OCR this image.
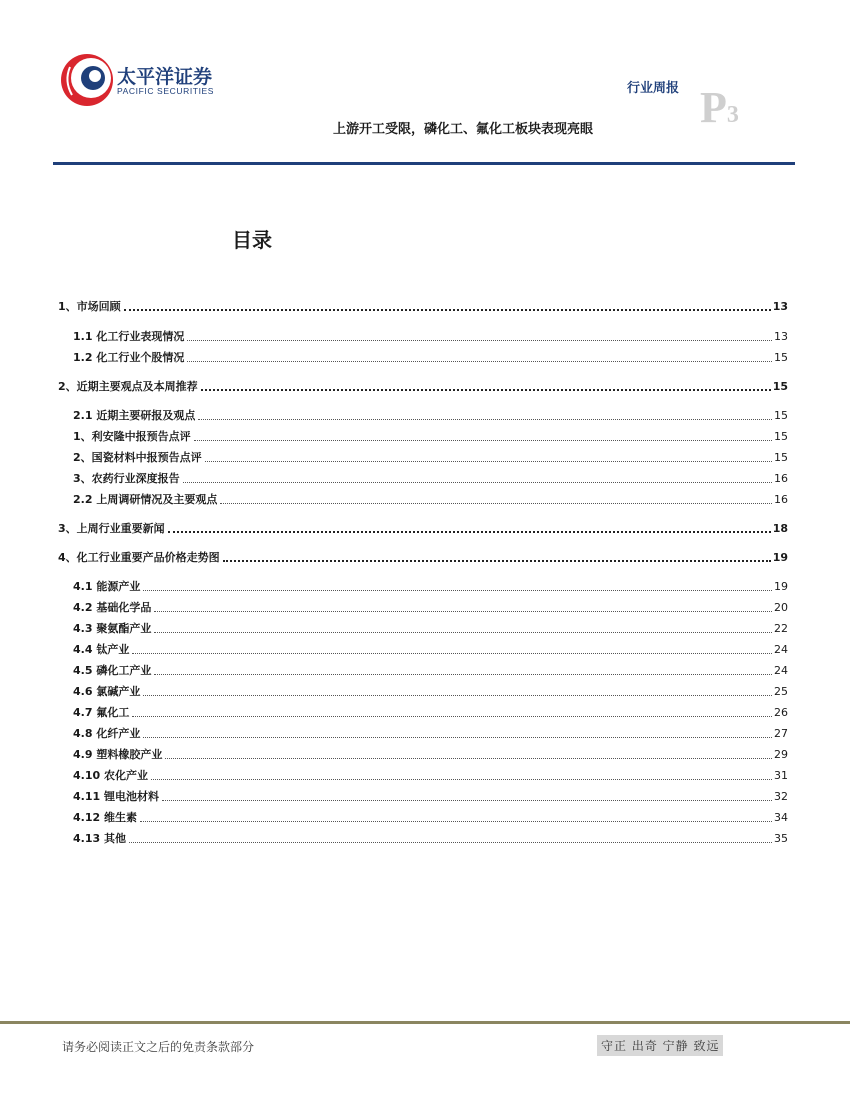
太平洋证券
PACIFIC SECURITIES	行业周报 P3
上游开工受限，磷化工、氟化工板块表现亮眼
目录
1、市场回顾	13
1.1 化工行业表现情况	13
1.2 化工行业个股情况	15
2、近期主要观点及本周推荐	15
2.1 近期主要研报及观点	15
1、利安隆中报预告点评	15
2、国瓷材料中报预告点评	15
3、农药行业深度报告	16
2.2 上周调研情况及主要观点	16
3、上周行业重要新闻	18
4、化工行业重要产品价格走势图	19
4.1 能源产业	19
4.2 基础化学品	20
4.3 聚氨酯产业	22
4.4 钛产业	24
4.5 磷化工产业	24
4.6 氯碱产业	25
4.7 氟化工	26
4.8 化纤产业	27
4.9 塑料橡胶产业	29
4.10 农化产业	31
4.11 锂电池材料	32
4.12 维生素	34
4.13 其他	35
请务必阅读正文之后的免责条款部分	守正 出奇 宁静 致远
